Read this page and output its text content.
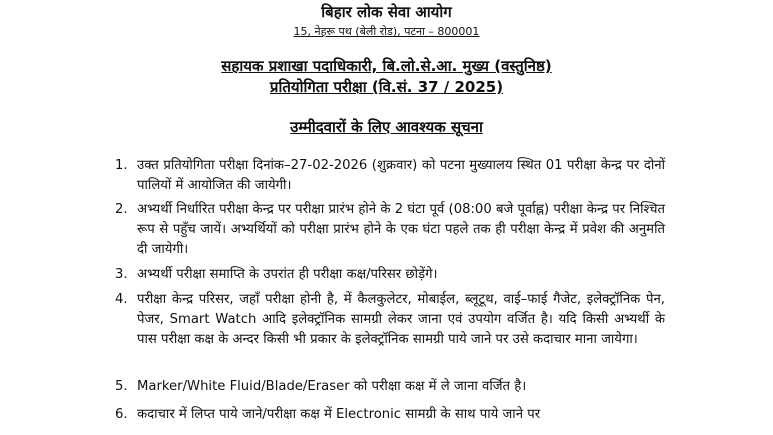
बिहार लोक सेवा आयोग
15, नेहरू पथ (बेली रोड), पटना – 800001
सहायक प्रशाखा पदाधिकारी, बि.लो.से.आ. मुख्य (वस्तुनिष्ठ)
प्रतियोगिता परीक्षा (वि.सं. 37 / 2025)
उम्मीदवारों के लिए आवश्यक सूचना
1. उक्त प्रतियोगिता परीक्षा दिनांक–27-02-2026 (शुक्रवार) को पटना मुख्यालय स्थित 01 परीक्षा केन्द्र पर दोनों पालियों में आयोजित की जायेगी।
2. अभ्यर्थी निर्धारित परीक्षा केन्द्र पर परीक्षा प्रारंभ होने के 2 घंटा पूर्व (08:00 बजे पूर्वाह्न) परीक्षा केन्द्र पर निश्चित रूप से पहुँच जायें। अभ्यर्थियों को परीक्षा प्रारंभ होने के एक घंटा पहले तक ही परीक्षा केन्द्र में प्रवेश की अनुमति दी जायेगी।
3. अभ्यर्थी परीक्षा समाप्ति के उपरांत ही परीक्षा कक्ष/परिसर छोड़ेंगे।
4. परीक्षा केन्द्र परिसर, जहाँ परीक्षा होनी है, में कैलकुलेटर, मोबाईल, ब्लूटूथ, वाई–फाई गैजेट, इलेक्ट्रॉनिक पेन, पेजर, Smart Watch आदि इलेक्ट्रॉनिक सामग्री लेकर जाना एवं उपयोग वर्जित है। यदि किसी अभ्यर्थी के पास परीक्षा कक्ष के अन्दर किसी भी प्रकार के इलेक्ट्रॉनिक सामग्री पाये जाने पर उसे कदाचार माना जायेगा।
5. Marker/White Fluid/Blade/Eraser को परीक्षा कक्ष में ले जाना वर्जित है।
6. कदाचार में लिप्त पाये जाने/परीक्षा कक्ष में Electronic सामग्री के साथ पाये जाने पर
